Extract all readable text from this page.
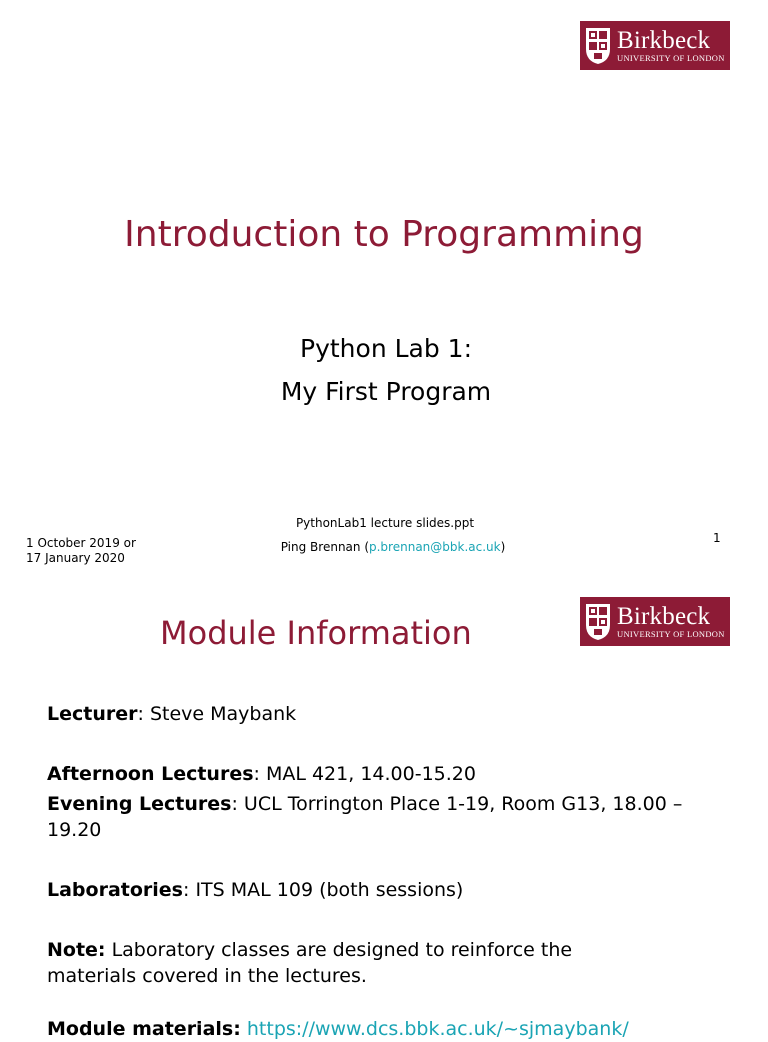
Birkbeck
UNIVERSITY OF LONDON
Introduction to Programming

Python Lab 1:

My First Program

1 October 2019 or
17 January 2020
PythonLab1 lecture slides.ppt
Ping Brennan (p.brennan@bbk.ac.uk)
1
Birkbeck
UNIVERSITY OF LONDON
Module Information

Lecturer: Steve Maybank

Afternoon Lectures: MAL 421, 14.00-15.20

Evening Lectures: UCL Torrington Place 1-19, Room G13, 18.00 – 19.20

Laboratories: ITS MAL 109 (both sessions)

Note: Laboratory classes are designed to reinforce the materials covered in the lectures.

Module materials: https://www.dcs.bbk.ac.uk/~sjmaybank/
